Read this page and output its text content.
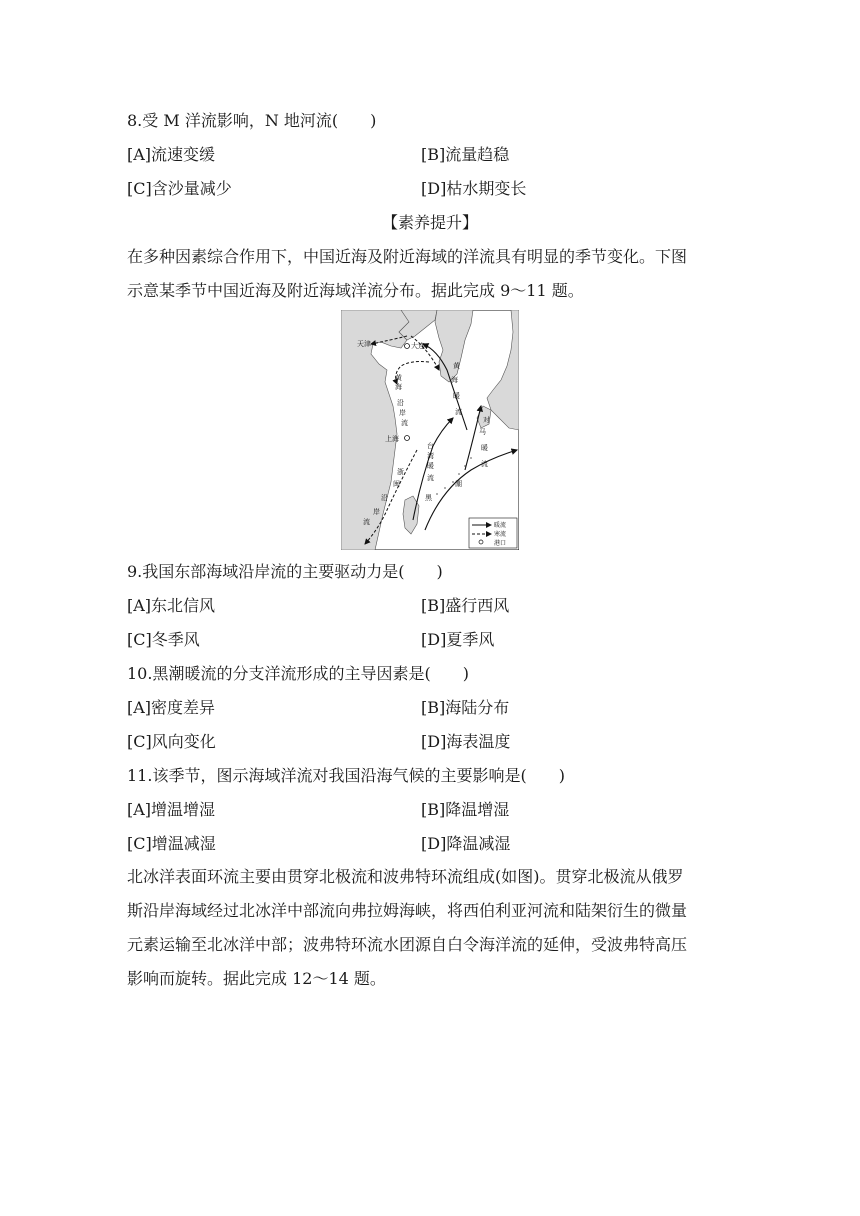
8.受 M 洋流影响，N 地河流(　　)
[A]流速变缓	[B]流量趋稳
[C]含沙量减少	[D]枯水期变长
【素养提升】
在多种因素综合作用下，中国近海及附近海域的洋流具有明显的季节变化。下图
示意某季节中国近海及附近海域洋流分布。据此完成 9～11 题。
天津	大连
上海
黄
海
沿
岸
流
黄
海
暖
流
台
湾
暖
流
对
马
暖
流
浙
闽
沿
岸
流
黑
潮
暖流
寒流
港口
9.我国东部海域沿岸流的主要驱动力是(　　)
[A]东北信风	[B]盛行西风
[C]冬季风	[D]夏季风
10.黑潮暖流的分支洋流形成的主导因素是(　　)
[A]密度差异	[B]海陆分布
[C]风向变化	[D]海表温度
11.该季节，图示海域洋流对我国沿海气候的主要影响是(　　)
[A]增温增湿	[B]降温增湿
[C]增温减湿	[D]降温减湿
北冰洋表面环流主要由贯穿北极流和波弗特环流组成(如图)。贯穿北极流从俄罗
斯沿岸海域经过北冰洋中部流向弗拉姆海峡，将西伯利亚河流和陆架衍生的微量
元素运输至北冰洋中部；波弗特环流水团源自白令海洋流的延伸，受波弗特高压
影响而旋转。据此完成 12～14 题。
